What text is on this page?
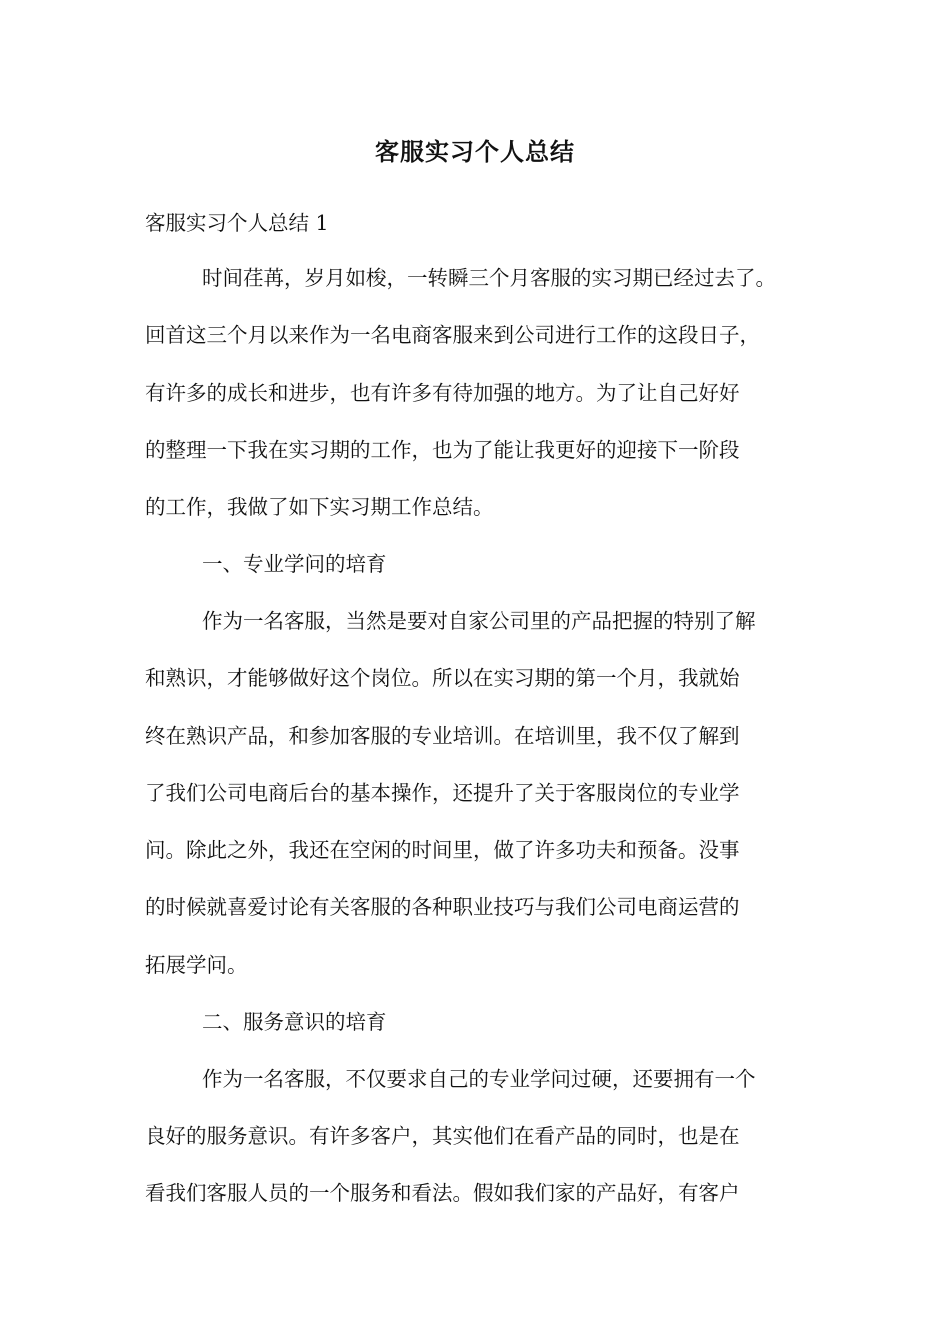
客服实习个人总结
客服实习个人总结 1
时间荏苒，岁月如梭，一转瞬三个月客服的实习期已经过去了。
回首这三个月以来作为一名电商客服来到公司进行工作的这段日子，
有许多的成长和进步，也有许多有待加强的地方。为了让自己好好
的整理一下我在实习期的工作，也为了能让我更好的迎接下一阶段
的工作，我做了如下实习期工作总结。
一、专业学问的培育
作为一名客服，当然是要对自家公司里的产品把握的特别了解
和熟识，才能够做好这个岗位。所以在实习期的第一个月，我就始
终在熟识产品，和参加客服的专业培训。在培训里，我不仅了解到
了我们公司电商后台的基本操作，还提升了关于客服岗位的专业学
问。除此之外，我还在空闲的时间里，做了许多功夫和预备。没事
的时候就喜爱讨论有关客服的各种职业技巧与我们公司电商运营的
拓展学问。
二、服务意识的培育
作为一名客服，不仅要求自己的专业学问过硬，还要拥有一个
良好的服务意识。有许多客户，其实他们在看产品的同时，也是在
看我们客服人员的一个服务和看法。假如我们家的产品好，有客户
